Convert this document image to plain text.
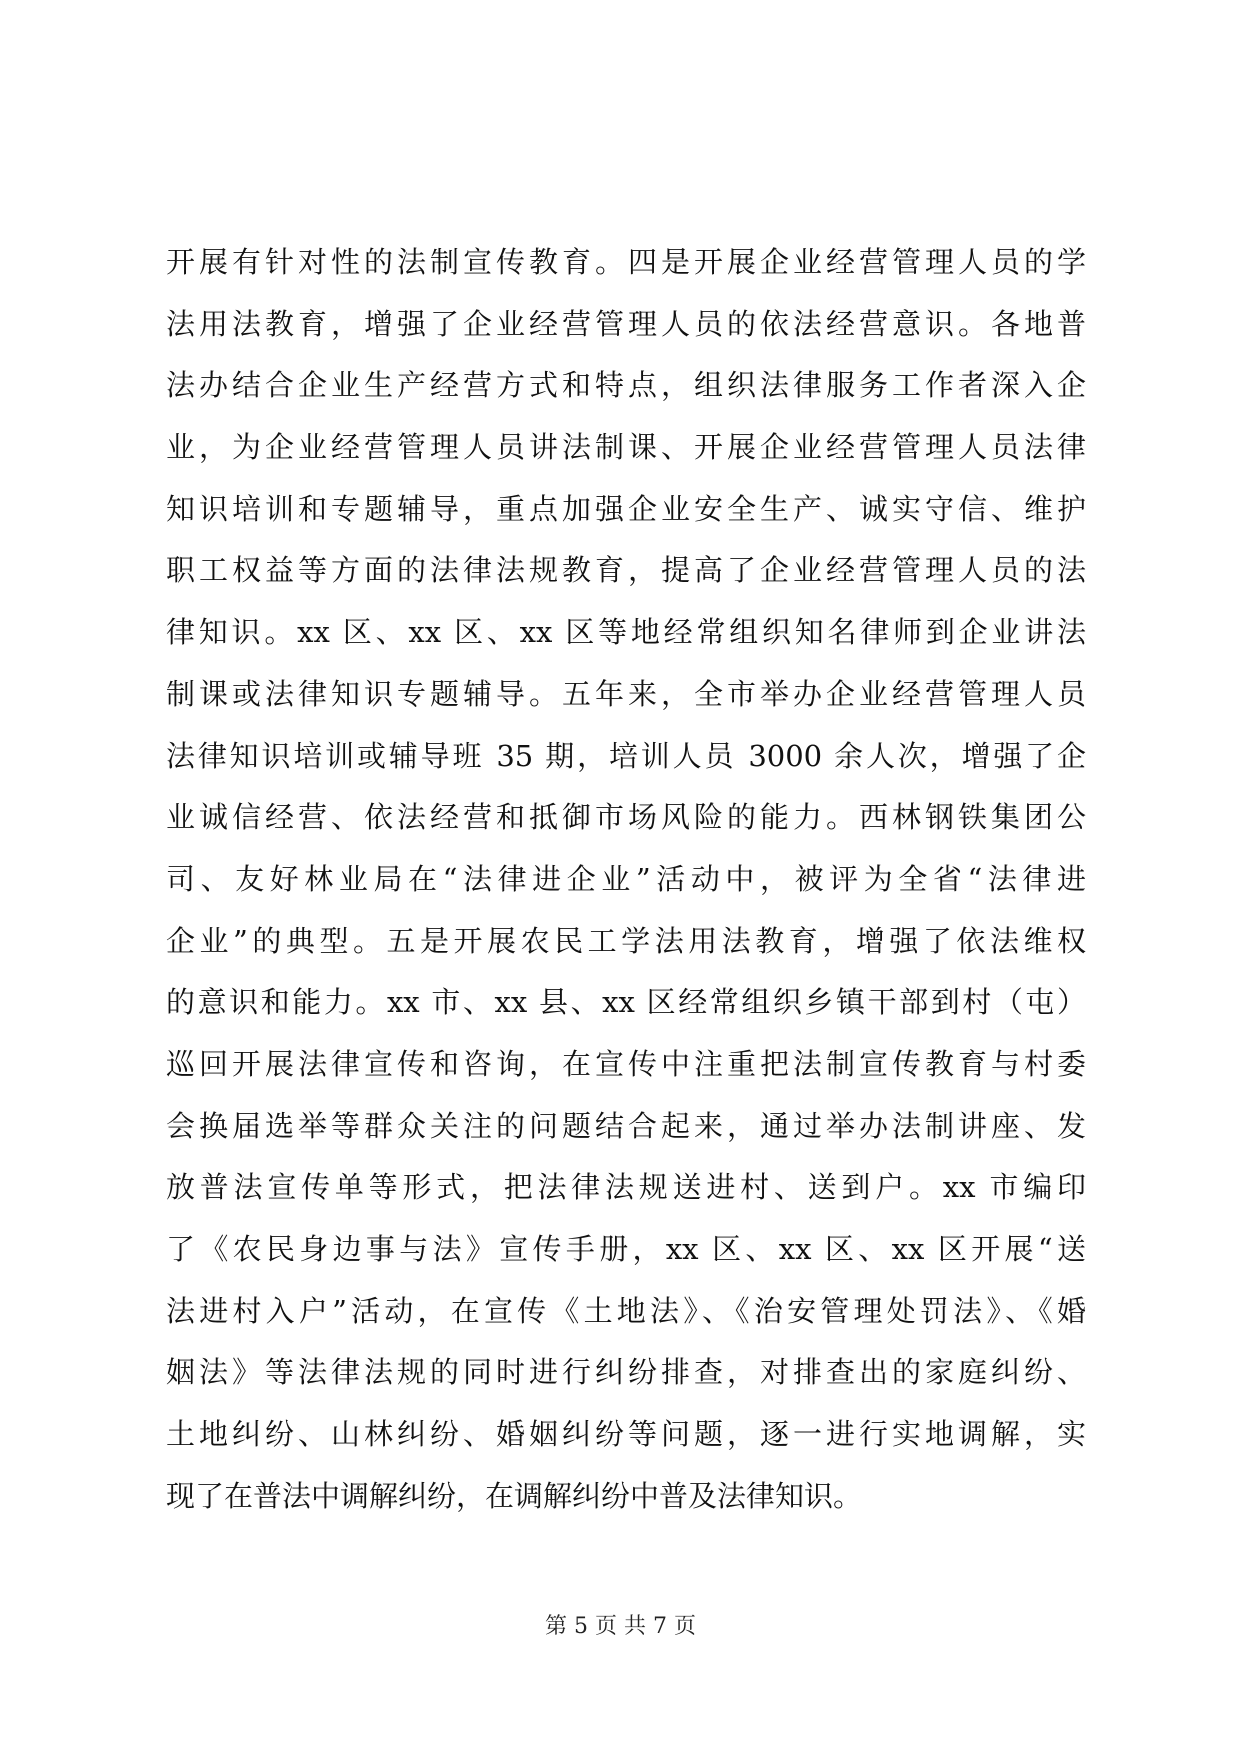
开展有针对性的法制宣传教育。四是开展企业经营管理人员的学
法用法教育，增强了企业经营管理人员的依法经营意识。各地普
法办结合企业生产经营方式和特点，组织法律服务工作者深入企
业，为企业经营管理人员讲法制课、开展企业经营管理人员法律
知识培训和专题辅导，重点加强企业安全生产、诚实守信、维护
职工权益等方面的法律法规教育，提高了企业经营管理人员的法
律知识。xx 区、xx 区、xx 区等地经常组织知名律师到企业讲法
制课或法律知识专题辅导。五年来，全市举办企业经营管理人员
法律知识培训或辅导班 35 期，培训人员 3000 余人次，增强了企
业诚信经营、依法经营和抵御市场风险的能力。西林钢铁集团公
司、友好林业局在“法律进企业”活动中，被评为全省“法律进
企业”的典型。五是开展农民工学法用法教育，增强了依法维权
的意识和能力。xx 市、xx 县、xx 区经常组织乡镇干部到村（屯）
巡回开展法律宣传和咨询，在宣传中注重把法制宣传教育与村委
会换届选举等群众关注的问题结合起来，通过举办法制讲座、发
放普法宣传单等形式，把法律法规送进村、送到户。xx 市编印
了《农民身边事与法》宣传手册，xx 区、xx 区、xx 区开展“送
法进村入户”活动，在宣传《土地法》、《治安管理处罚法》、《婚
姻法》等法律法规的同时进行纠纷排查，对排查出的家庭纠纷、
土地纠纷、山林纠纷、婚姻纠纷等问题，逐一进行实地调解，实
现了在普法中调解纠纷，在调解纠纷中普及法律知识。
第 5 页 共 7 页
